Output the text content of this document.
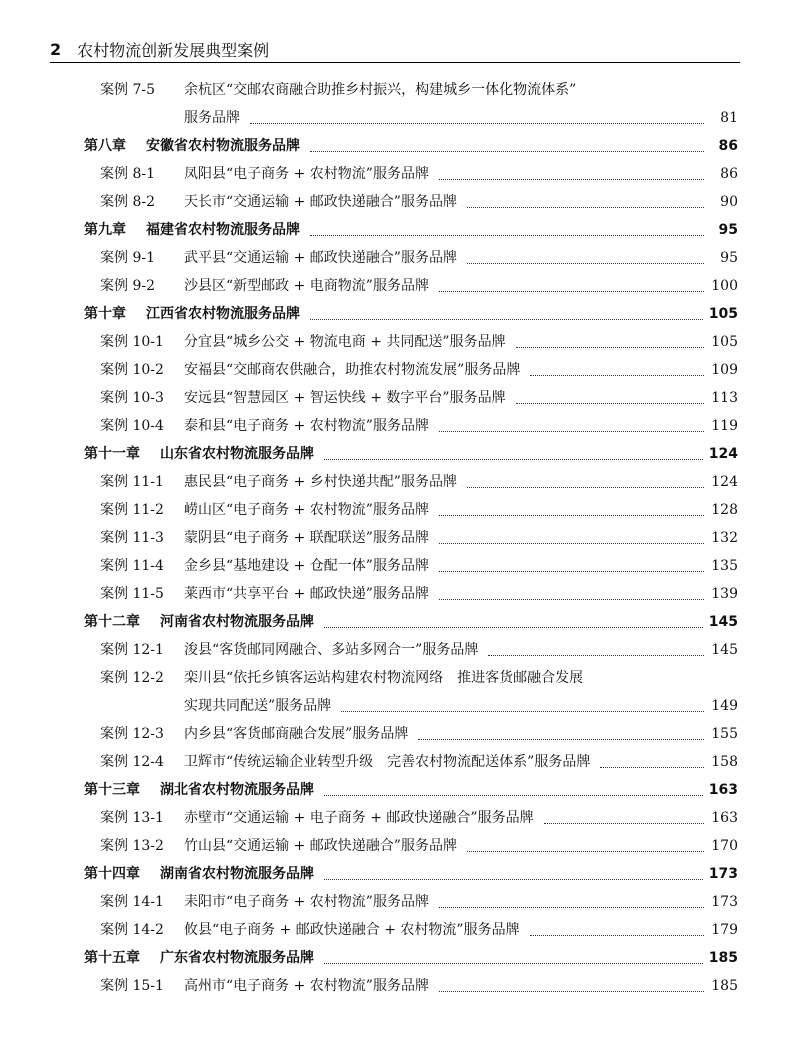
2 农村物流创新发展典型案例
案例 7-5	余杭区“交邮农商融合助推乡村振兴，构建城乡一体化物流体系”
服务品牌	81
第八章 安徽省农村物流服务品牌	86
案例 8-1	凤阳县“电子商务 + 农村物流”服务品牌	86
案例 8-2	天长市“交通运输 + 邮政快递融合”服务品牌	90
第九章 福建省农村物流服务品牌	95
案例 9-1	武平县“交通运输 + 邮政快递融合”服务品牌	95
案例 9-2	沙县区“新型邮政 + 电商物流”服务品牌	100
第十章 江西省农村物流服务品牌	105
案例 10-1	分宜县“城乡公交 + 物流电商 + 共同配送”服务品牌	105
案例 10-2	安福县“交邮商农供融合，助推农村物流发展”服务品牌	109
案例 10-3	安远县“智慧园区 + 智运快线 + 数字平台”服务品牌	113
案例 10-4	泰和县“电子商务 + 农村物流”服务品牌	119
第十一章 山东省农村物流服务品牌	124
案例 11-1	惠民县“电子商务 + 乡村快递共配”服务品牌	124
案例 11-2	崂山区“电子商务 + 农村物流”服务品牌	128
案例 11-3	蒙阴县“电子商务 + 联配联送”服务品牌	132
案例 11-4	金乡县“基地建设 + 仓配一体”服务品牌	135
案例 11-5	莱西市“共享平台 + 邮政快递”服务品牌	139
第十二章 河南省农村物流服务品牌	145
案例 12-1	浚县“客货邮同网融合、多站多网合一”服务品牌	145
案例 12-2	栾川县“依托乡镇客运站构建农村物流网络　推进客货邮融合发展
实现共同配送”服务品牌	149
案例 12-3	内乡县“客货邮商融合发展”服务品牌	155
案例 12-4	卫辉市“传统运输企业转型升级　完善农村物流配送体系”服务品牌	158
第十三章 湖北省农村物流服务品牌	163
案例 13-1	赤壁市“交通运输 + 电子商务 + 邮政快递融合”服务品牌	163
案例 13-2	竹山县“交通运输 + 邮政快递融合”服务品牌	170
第十四章 湖南省农村物流服务品牌	173
案例 14-1	耒阳市“电子商务 + 农村物流”服务品牌	173
案例 14-2	攸县“电子商务 + 邮政快递融合 + 农村物流”服务品牌	179
第十五章 广东省农村物流服务品牌	185
案例 15-1	高州市“电子商务 + 农村物流”服务品牌	185
